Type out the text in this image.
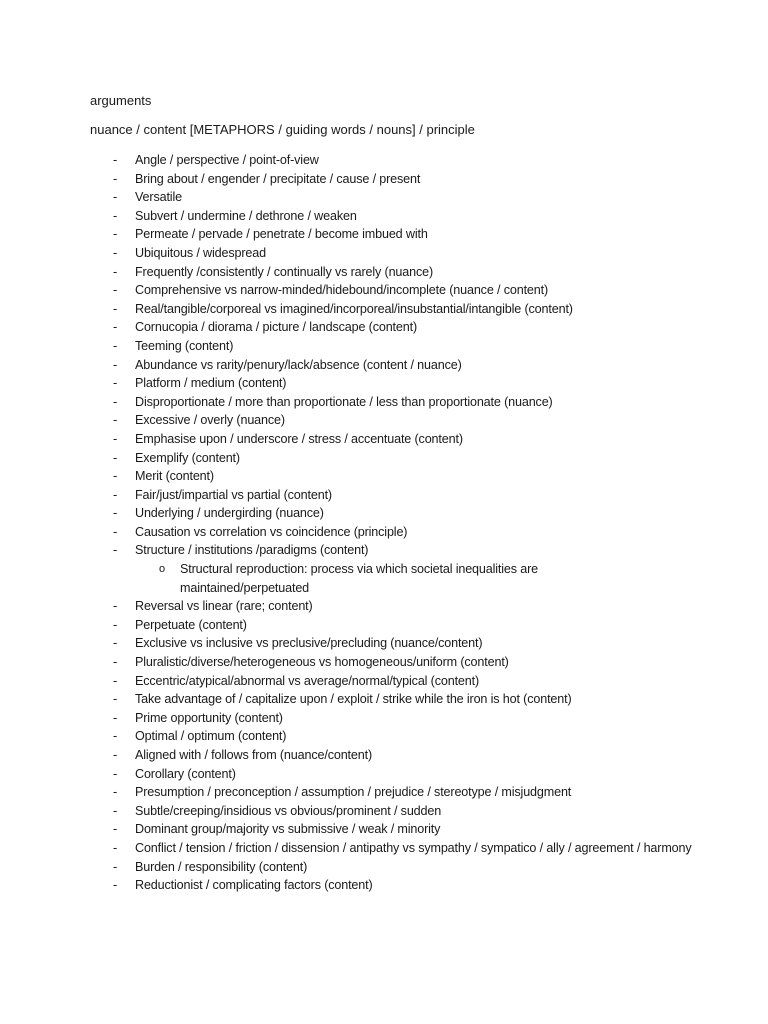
arguments

nuance / content [METAPHORS / guiding words / nouns] / principle

-	Angle / perspective / point-of-view
-	Bring about / engender / precipitate / cause / present
-	Versatile
-	Subvert / undermine / dethrone / weaken
-	Permeate / pervade / penetrate / become imbued with
-	Ubiquitous / widespread
-	Frequently /consistently / continually vs rarely (nuance)
-	Comprehensive vs narrow-minded/hidebound/incomplete (nuance / content)
-	Real/tangible/corporeal vs imagined/incorporeal/insubstantial/intangible (content)
-	Cornucopia / diorama / picture / landscape (content)
-	Teeming (content)
-	Abundance vs rarity/penury/lack/absence (content / nuance)
-	Platform / medium (content)
-	Disproportionate / more than proportionate / less than proportionate (nuance)
-	Excessive / overly (nuance)
-	Emphasise upon / underscore / stress / accentuate (content)
-	Exemplify (content)
-	Merit (content)
-	Fair/just/impartial vs partial (content)
-	Underlying / undergirding (nuance)
-	Causation vs correlation vs coincidence (principle)
-	Structure / institutions /paradigms (content)
o	Structural reproduction: process via which societal inequalities are maintained/perpetuated
-	Reversal vs linear (rare; content)
-	Perpetuate (content)
-	Exclusive vs inclusive vs preclusive/precluding (nuance/content)
-	Pluralistic/diverse/heterogeneous vs homogeneous/uniform (content)
-	Eccentric/atypical/abnormal vs average/normal/typical (content)
-	Take advantage of / capitalize upon / exploit / strike while the iron is hot (content)
-	Prime opportunity (content)
-	Optimal / optimum (content)
-	Aligned with / follows from (nuance/content)
-	Corollary (content)
-	Presumption / preconception / assumption / prejudice / stereotype / misjudgment
-	Subtle/creeping/insidious vs obvious/prominent / sudden
-	Dominant group/majority vs submissive / weak / minority
-	Conflict / tension / friction / dissension / antipathy vs sympathy / sympatico / ally / agreement / harmony
-	Burden / responsibility (content)
-	Reductionist / complicating factors (content)
